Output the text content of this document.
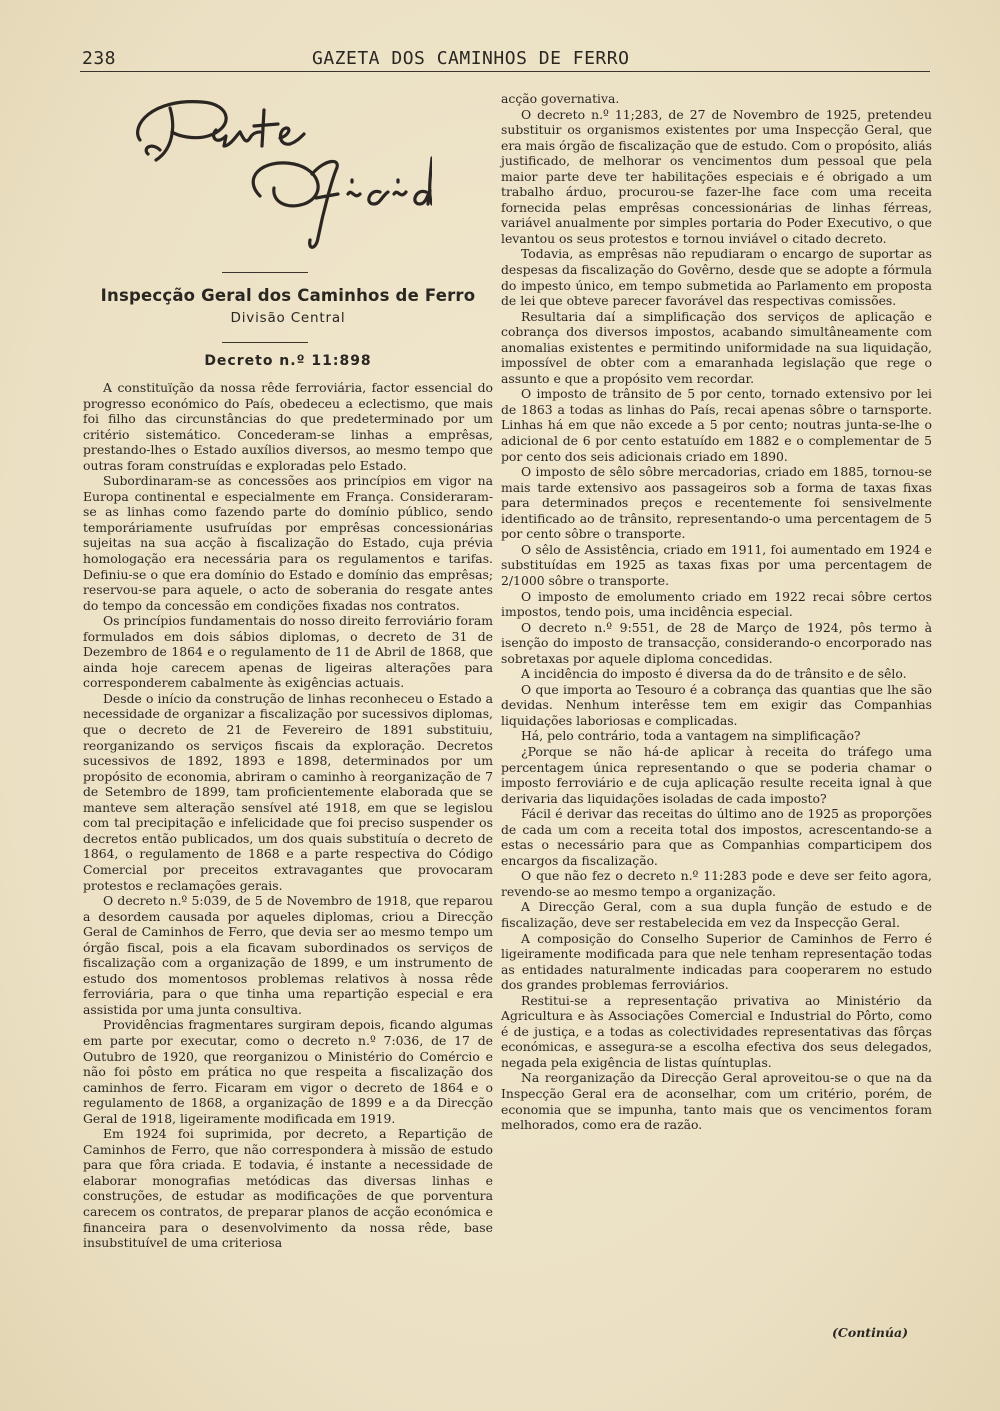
238	GAZETA DOS CAMINHOS DE FERRO
Inspecção Geral dos Caminhos de Ferro
Divisão Central
Decreto n.º 11:898

A constituïção da nossa rêde ferroviária, factor essencial do progresso económico do País, obedeceu a eclectismo, que mais foi filho das circunstâncias do que predeterminado por um critério sistemático. Concederam-se linhas a emprêsas, prestando-lhes o Estado auxílios diversos, ao mesmo tempo que outras foram construídas e exploradas pelo Estado.

Subordinaram-se as concessões aos princípios em vigor na Europa continental e especialmente em França. Consideraram-se as linhas como fazendo parte do domínio público, sendo temporáriamente usufruídas por emprêsas concessionárias sujeitas na sua acção à fiscalização do Estado, cuja prévia homologação era necessária para os regulamentos e tarifas. Definiu-se o que era domínio do Estado e domínio das emprêsas; reservou-se para aquele, o acto de soberania do resgate antes do tempo da concessão em condições fixadas nos contratos.

Os princípios fundamentais do nosso direito ferroviário foram formulados em dois sábios diplomas, o decreto de 31 de Dezembro de 1864 e o regulamento de 11 de Abril de 1868, que ainda hoje carecem apenas de ligeiras alterações para corresponderem cabalmente às exigências actuais.

Desde o início da construção de linhas reconheceu o Estado a necessidade de organizar a fiscalização por sucessivos diplomas, que o decreto de 21 de Fevereiro de 1891 substituiu, reorganizando os serviços fiscais da exploração. Decretos sucessivos de 1892, 1893 e 1898, determinados por um propósito de economia, abriram o caminho à reorganização de 7 de Setembro de 1899, tam proficientemente elaborada que se manteve sem alteração sensível até 1918, em que se legislou com tal precipitação e infelicidade que foi preciso suspender os decretos então publicados, um dos quais substituía o decreto de 1864, o regulamento de 1868 e a parte respectiva do Código Comercial por preceitos extravagantes que provocaram protestos e reclamações gerais.

O decreto n.º 5:039, de 5 de Novembro de 1918, que reparou a desordem causada por aqueles diplomas, criou a Direcção Geral de Caminhos de Ferro, que devia ser ao mesmo tempo um órgão fiscal, pois a ela ficavam subordinados os serviços de fiscalização com a organização de 1899, e um instrumento de estudo dos momentosos problemas relativos à nossa rêde ferroviária, para o que tinha uma repartição especial e era assistida por uma junta consultiva.

Providências fragmentares surgiram depois, ficando algumas em parte por executar, como o decreto n.º 7:036, de 17 de Outubro de 1920, que reorganizou o Ministério do Comércio e não foi pôsto em prática no que respeita a fiscalização dos caminhos de ferro. Ficaram em vigor o decreto de 1864 e o regulamento de 1868, a organização de 1899 e a da Direcção Geral de 1918, ligeiramente modificada em 1919.

Em 1924 foi suprimida, por decreto, a Repartição de Caminhos de Ferro, que não correspondera à missão de estudo para que fôra criada. E todavia, é instante a necessidade de elaborar monografias metódicas das diversas linhas e construções, de estudar as modificações de que porventura carecem os contratos, de preparar planos de acção económica e financeira para o desenvolvimento da nossa rêde, base insubstituível de uma criteriosa

acção governativa.

O decreto n.º 11;283, de 27 de Novembro de 1925, pretendeu substituir os organismos existentes por uma Inspecção Geral, que era mais órgão de fiscalização que de estudo. Com o propósito, aliás justificado, de melhorar os vencimentos dum pessoal que pela maior parte deve ter habilitações especiais e é obrigado a um trabalho árduo, procurou-se fazer-lhe face com uma receita fornecida pelas emprêsas concessionárias de linhas férreas, variável anualmente por simples portaria do Poder Executivo, o que levantou os seus protestos e tornou inviável o citado decreto.

Todavia, as emprêsas não repudiaram o encargo de suportar as despesas da fiscalização do Govêrno, desde que se adopte a fórmula do impesto único, em tempo submetida ao Parlamento em proposta de lei que obteve parecer favorável das respectivas comissões.

Resultaria daí a simplificação dos serviços de aplicação e cobrança dos diversos impostos, acabando simultâneamente com anomalias existentes e permitindo uniformidade na sua liquidação, impossível de obter com a emaranhada legislação que rege o assunto e que a propósito vem recordar.

O imposto de trânsito de 5 por cento, tornado extensivo por lei de 1863 a todas as linhas do País, recai apenas sôbre o tarnsporte. Linhas há em que não excede a 5 por cento; noutras junta-se-lhe o adicional de 6 por cento estatuído em 1882 e o complementar de 5 por cento dos seis adicionais criado em 1890.

O imposto de sêlo sôbre mercadorias, criado em 1885, tornou-se mais tarde extensivo aos passageiros sob a forma de taxas fixas para determinados preços e recentemente foi sensivelmente identificado ao de trânsito, representando-o uma percentagem de 5 por cento sôbre o transporte.

O sêlo de Assistência, criado em 1911, foi aumentado em 1924 e substituídas em 1925 as taxas fixas por uma percentagem de 2/1000 sôbre o transporte.

O imposto de emolumento criado em 1922 recai sôbre certos impostos, tendo pois, uma incidência especial.

O decreto n.º 9:551, de 28 de Março de 1924, pôs termo à isenção do imposto de transacção, considerando-o encorporado nas sobretaxas por aquele diploma concedidas.

A incidência do imposto é diversa da do de trânsito e de sêlo.

O que importa ao Tesouro é a cobrança das quantias que lhe são devidas. Nenhum interêsse tem em exigir das Companhias liquidações laboriosas e complicadas.

Há, pelo contrário, toda a vantagem na simplificação?

¿Porque se não há-de aplicar à receita do tráfego uma percentagem única representando o que se poderia chamar o imposto ferroviário e de cuja aplicação resulte receita ignal à que derivaria das liquidações isoladas de cada imposto?

Fácil é derivar das receitas do último ano de 1925 as proporções de cada um com a receita total dos impostos, acrescentando-se a estas o necessário para que as Companhias comparticipem dos encargos da fiscalização.

O que não fez o decreto n.º 11:283 pode e deve ser feito agora, revendo-se ao mesmo tempo a organização.

A Direcção Geral, com a sua dupla função de estudo e de fiscalização, deve ser restabelecida em vez da Inspecção Geral.

A composição do Conselho Superior de Caminhos de Ferro é ligeiramente modificada para que nele tenham representação todas as entidades naturalmente indicadas para cooperarem no estudo dos grandes problemas ferroviários.

Restitui-se a representação privativa ao Ministério da Agricultura e às Associações Comercial e Industrial do Pôrto, como é de justiça, e a todas as colectividades representativas das fôrças económicas, e assegura-se a escolha efectiva dos seus delegados, negada pela exigência de listas quíntuplas.

Na reorganização da Direcção Geral aproveitou-se o que na da Inspecção Geral era de aconselhar, com um critério, porém, de economia que se impunha, tanto mais que os vencimentos foram melhorados, como era de razão.

(Continúa)
